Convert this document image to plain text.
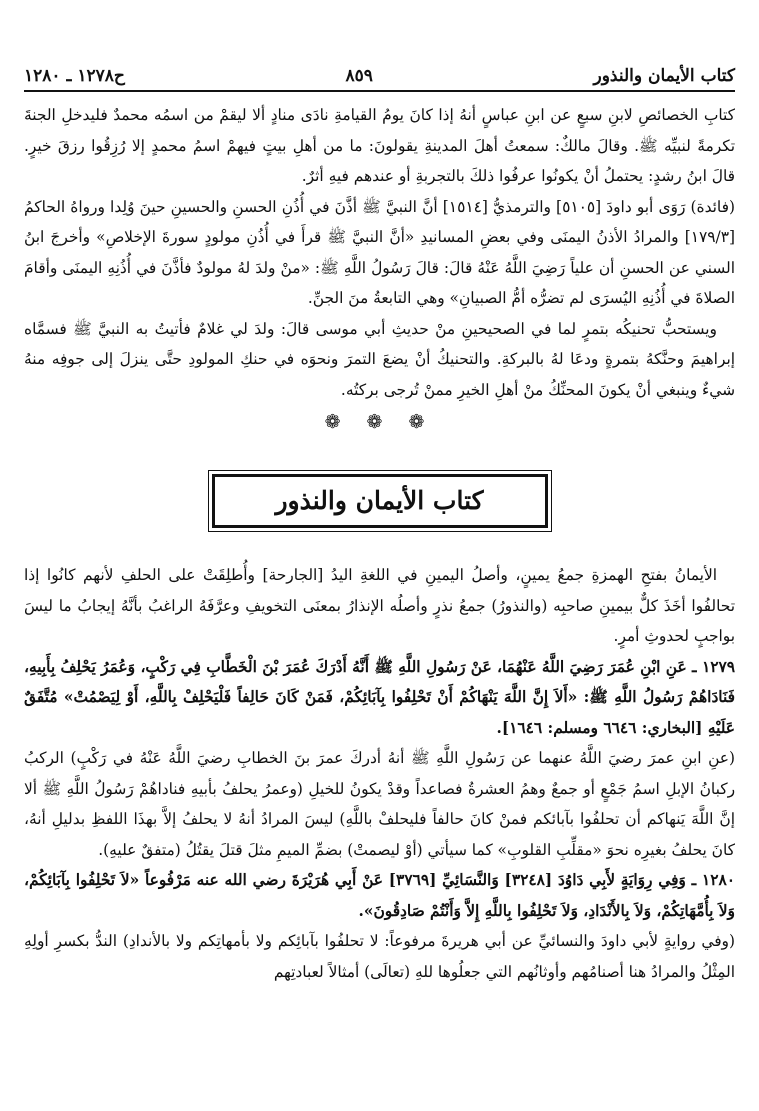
ح١٢٧٨ ـ ١٢٨٠	٨٥٩	كتاب الأيمان والنذور

كتابِ الخصائصِ لابنِ سبعٍ عن ابنِ عباسٍ أنهُ إذا كانَ يومُ القيامةِ نادَى منادٍ ألا ليقمْ من اسمُه محمدٌ فليدخلِ الجنةَ تكرمةً لنبيِّه ﷺ. وقالَ مالكٌ: سمعتُ أهلَ المدينةِ يقولونَ: ما من أهلِ بيتٍ فيهمْ اسمُ محمدٍ إلا رُزِقُوا رزقَ خيرٍ. قالَ ابنُ رشدٍ: يحتملُ أنْ يكونُوا عرفُوا ذلكَ بالتجربةِ أو عندهم فيهِ أثرٌ.

(فائدة) رَوَى أبو داودَ [٥١٠٥] والترمذيُّ [١٥١٤] أنَّ النبيَّ ﷺ أذَّنَ في أُذُنِ الحسنِ والحسينِ حينَ وُلِدا ورواهُ الحاكمُ [١٧٩/٣] والمرادُ الأذنُ اليمنَى وفي بعضِ المسانيدِ «أنَّ النبيَّ ﷺ قرأَ في أُذُنِ مولودٍ سورةَ الإخلاصِ» وأخرجَ ابنُ السني عن الحسنِ أن علياً رَضِيَ اللَّهُ عَنْهُ قالَ: قالَ رَسُولُ اللَّهِ ﷺ: «منْ ولدَ لهُ مولودٌ فأذَّنَ في أُذُنِهِ اليمنَى وأقامَ الصلاةَ في أُذُنِهِ اليُسرَى لم تضرُّه أمُّ الصبيانِ» وهي التابعةُ منَ الجنِّ.

ويستحبُّ تحنيكُه بتمرٍ لما في الصحيحينِ منْ حديثِ أبي موسى قالَ: ولدَ لي غلامٌ فأتيتُ به النبيَّ ﷺ فسمَّاه إبراهيمَ وحنَّكهُ بتمرةٍ ودعَا لهُ بالبركةِ. والتحنيكُ أنْ يضعَ التمرَ ونحوَه في حنكِ المولودِ حتَّى ينزلَ إلى جوفِه منهُ شيءٌ وينبغي أنْ يكونَ المحنِّكُ منْ أهلِ الخيرِ ممنْ تُرجى بركتُه.

❁ ❁ ❁
كتاب الأيمان والنذور

الأيمانُ بفتحِ الهمزةِ جمعُ يمينٍ، وأصلُ اليمينِ في اللغةِ اليدُ [الجارحة] وأُطلِقَتْ على الحلفِ لأنهم كانُوا إذا تحالفُوا أخَذَ كلٌّ بيمينِ صاحبِه (والنذورُ) جمعُ نذرٍ وأصلُه الإنذارُ بمعنَى التخويفِ وعرَّفَهُ الراغبُ بأنَّهُ إيجابُ ما ليسَ بواجبٍ لحدوثِ أمرٍ.

١٢٧٩ ـ عَنِ ابْنِ عُمَرَ رَضِيَ اللَّهُ عَنْهُمَا، عَنْ رَسُولِ اللَّهِ ﷺ أَنَّهُ أَدْرَكَ عُمَرَ بْنَ الْخَطَّابِ فِي رَكْبٍ، وَعُمَرُ يَحْلِفُ بِأَبِيهِ، فَنَادَاهُمْ رَسُولُ اللَّهِ ﷺ: «أَلاَ إِنَّ اللَّهَ يَنْهَاكُمْ أَنْ تَحْلِفُوا بِآبَائِكُمْ، فَمَنْ كَانَ حَالِفاً فَلْيَحْلِفْ بِاللَّهِ، أَوْ لِيَصْمُتْ» مُتَّفَقٌ عَلَيْهِ [البخاري: ٦٦٤٦ ومسلم: ١٦٤٦].

(عنِ ابنِ عمرَ رضيَ اللَّهُ عنهما عن رَسُولِ اللَّهِ ﷺ أنهُ أدركَ عمرَ بنَ الخطابِ رضيَ اللَّهُ عَنْهُ في رَكْبٍ) الركبُ ركبانُ الإبلِ اسمُ جَمْعٍ أو جمعٌ وهمُ العشرةُ فصاعداً وقدْ يكونُ للخيلِ (وعمرُ يحلفُ بأبيهِ فناداهُمْ رَسُولُ اللَّهِ ﷺ ألا إنَّ اللَّهَ يَنهاكم أن تحلفُوا بآبائكم فمنْ كانَ حالفاً فليحلفْ باللَّهِ) ليسَ المرادُ أنهُ لا يحلفُ إلاَّ بهذَا اللفظِ بدليلِ أنهُ، كانَ يحلفُ بغيرِه نحوَ «مقلِّبِ القلوبِ» كما سيأتي (أوْ ليصمتْ) بضمِّ الميمِ مثلَ قتلَ يقتُلُ (متفقٌ عليهِ).

١٢٨٠ ـ وَفِي رِوَايَةٍ لأَبِي دَاوُدَ [٣٢٤٨] وَالنَّسَائِيِّ [٣٧٦٩] عَنْ أَبِي هُرَيْرَةَ رضي الله عنه مَرْفُوعاً «لاَ تَحْلِفُوا بِآبَائِكُمْ، وَلاَ بِأُمَّهَاتِكُمْ، وَلاَ بِالأَنْدَادِ، وَلاَ تَحْلِفُوا بِاللَّهِ إِلاَّ وَأَنْتُمْ صَادِقُونَ».

(وفي روايةٍ لأبي داودَ والنسائيِّ عن أبي هريرةَ مرفوعاً: لا تحلفُوا بآبائِكم ولا بأمهاتِكم ولا بالأندادِ) الندُّ بكسرِ أولِهِ المِثْلُ والمرادُ هنا أصنامُهم وأوثانُهم التي جعلُوها للهِ (تعالَى) أمثالاً لعبادتِهم
